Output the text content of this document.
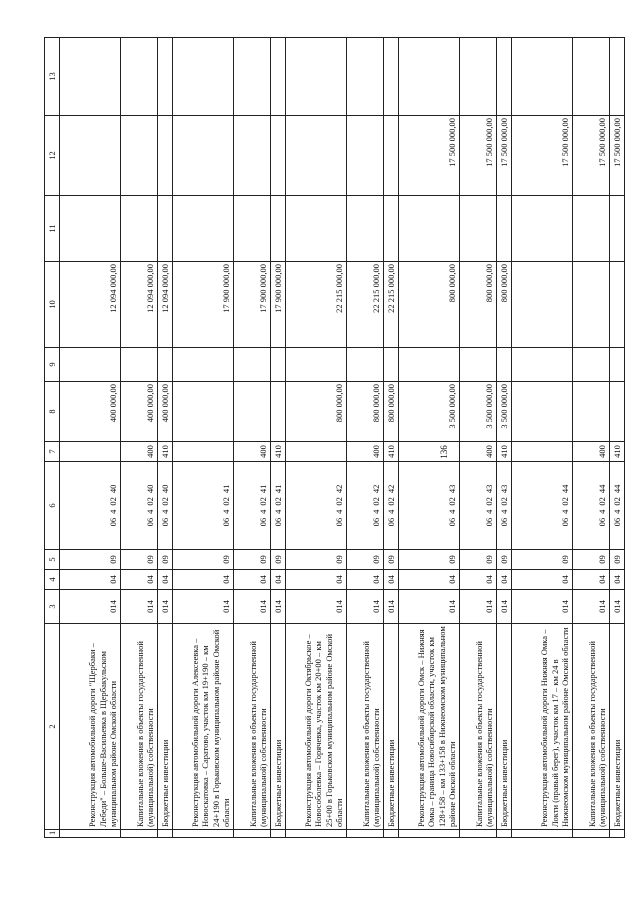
136
1	2	3	4	5	6	7	8	9	10	11	12	13
	Реконструкция автомобильной дороги "Щербаки – Лебеди" – Больше-Васильевка в Щербакульском муниципальном районе Омской области	014	04	09	0640240		400 000,00		12 094 000,00			
	Капитальные вложения в объекты государственной (муниципальной) собственности	014	04	09	0640240	400	400 000,00		12 094 000,00			
	Бюджетные инвестиции	014	04	09	0640240	410	400 000,00		12 094 000,00			
	Реконструкция автомобильной дороги Алексеевка – Новоскатовка – Саратово, участок км 19+190 – км 24+190 в Горьковском муниципальном районе Омской области	014	04	09	0640241				17 900 000,00			
	Капитальные вложения в объекты государственной (муниципальной) собственности	014	04	09	0640241	400			17 900 000,00			
	Бюджетные инвестиции	014	04	09	0640241	410			17 900 000,00			
	Реконструкция автомобильной дороги Октябрьское – Новособолевка – Горячевка, участок км 20+00 – км 25+00 в Горьковском муниципальном районе Омской области	014	04	09	0640242		800 000,00		22 215 000,00			
	Капитальные вложения в объекты государственной (муниципальной) собственности	014	04	09	0640242	400	800 000,00		22 215 000,00			
	Бюджетные инвестиции	014	04	09	0640242	410	800 000,00		22 215 000,00			
	Реконструкция автомобильной дороги Омск – Нижняя Омка – граница Новосибирской области, участок км 128+158 – км 133+158 в Нижнеомском муниципальном районе Омской области	014	04	09	0640243		3 500 000,00		800 000,00		17 500 000,00	
	Капитальные вложения в объекты государственной (муниципальной) собственности	014	04	09	0640243	400	3 500 000,00		800 000,00		17 500 000,00	
	Бюджетные инвестиции	014	04	09	0640243	410	3 500 000,00		800 000,00		17 500 000,00	
	Реконструкция автомобильной дороги Нижняя Омка – Локти (правый берег), участок км 17 – км 24 в Нижнеомском муниципальном районе Омской области	014	04	09	0640244						17 500 000,00	
	Капитальные вложения в объекты государственной (муниципальной) собственности	014	04	09	0640244	400					17 500 000,00	
	Бюджетные инвестиции	014	04	09	0640244	410					17 500 000,00	
